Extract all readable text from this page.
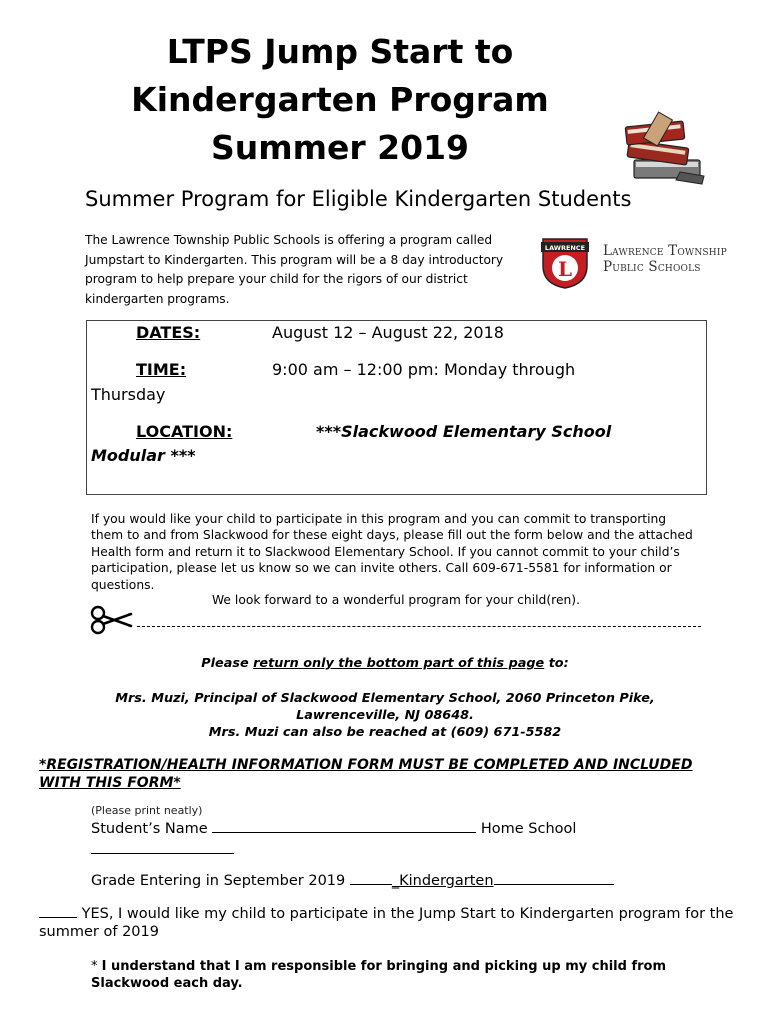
LTPS Jump Start to
Kindergarten Program
Summer 2019
Summer Program for Eligible Kindergarten Students
The Lawrence Township Public Schools is offering a program called Jumpstart to Kindergarten. This program will be a 8 day introductory program to help prepare your child for the rigors of our district kindergarten programs.
LAWRENCE
L
Lawrence Township
Public Schools
DATES:	August 12 – August 22, 2018
TIME:	9:00 am – 12:00 pm: Monday through
Thursday
LOCATION:	***Slackwood Elementary School
Modular ***
If you would like your child to participate in this program and you can commit to transporting them to and from Slackwood for these eight days, please fill out the form below and the attached Health form and return it to Slackwood Elementary School. If you cannot commit to your child’s participation, please let us know so we can invite others. Call 609-671-5581 for information or questions.
We look forward to a wonderful program for your child(ren).
Please return only the bottom part of this page to:
Mrs. Muzi, Principal of Slackwood Elementary School, 2060 Princeton Pike,
Lawrenceville, NJ 08648.
Mrs. Muzi can also be reached at (609) 671-5582
*REGISTRATION/HEALTH INFORMATION FORM MUST BE COMPLETED AND INCLUDED WITH THIS FORM*
(Please print neatly)
Student’s Name	Home School
Grade Entering in September 2019	_Kindergarten
YES, I would like my child to participate in the Jump Start to Kindergarten program for the summer of 2019
* I understand that I am responsible for bringing and picking up my child from Slackwood each day.
